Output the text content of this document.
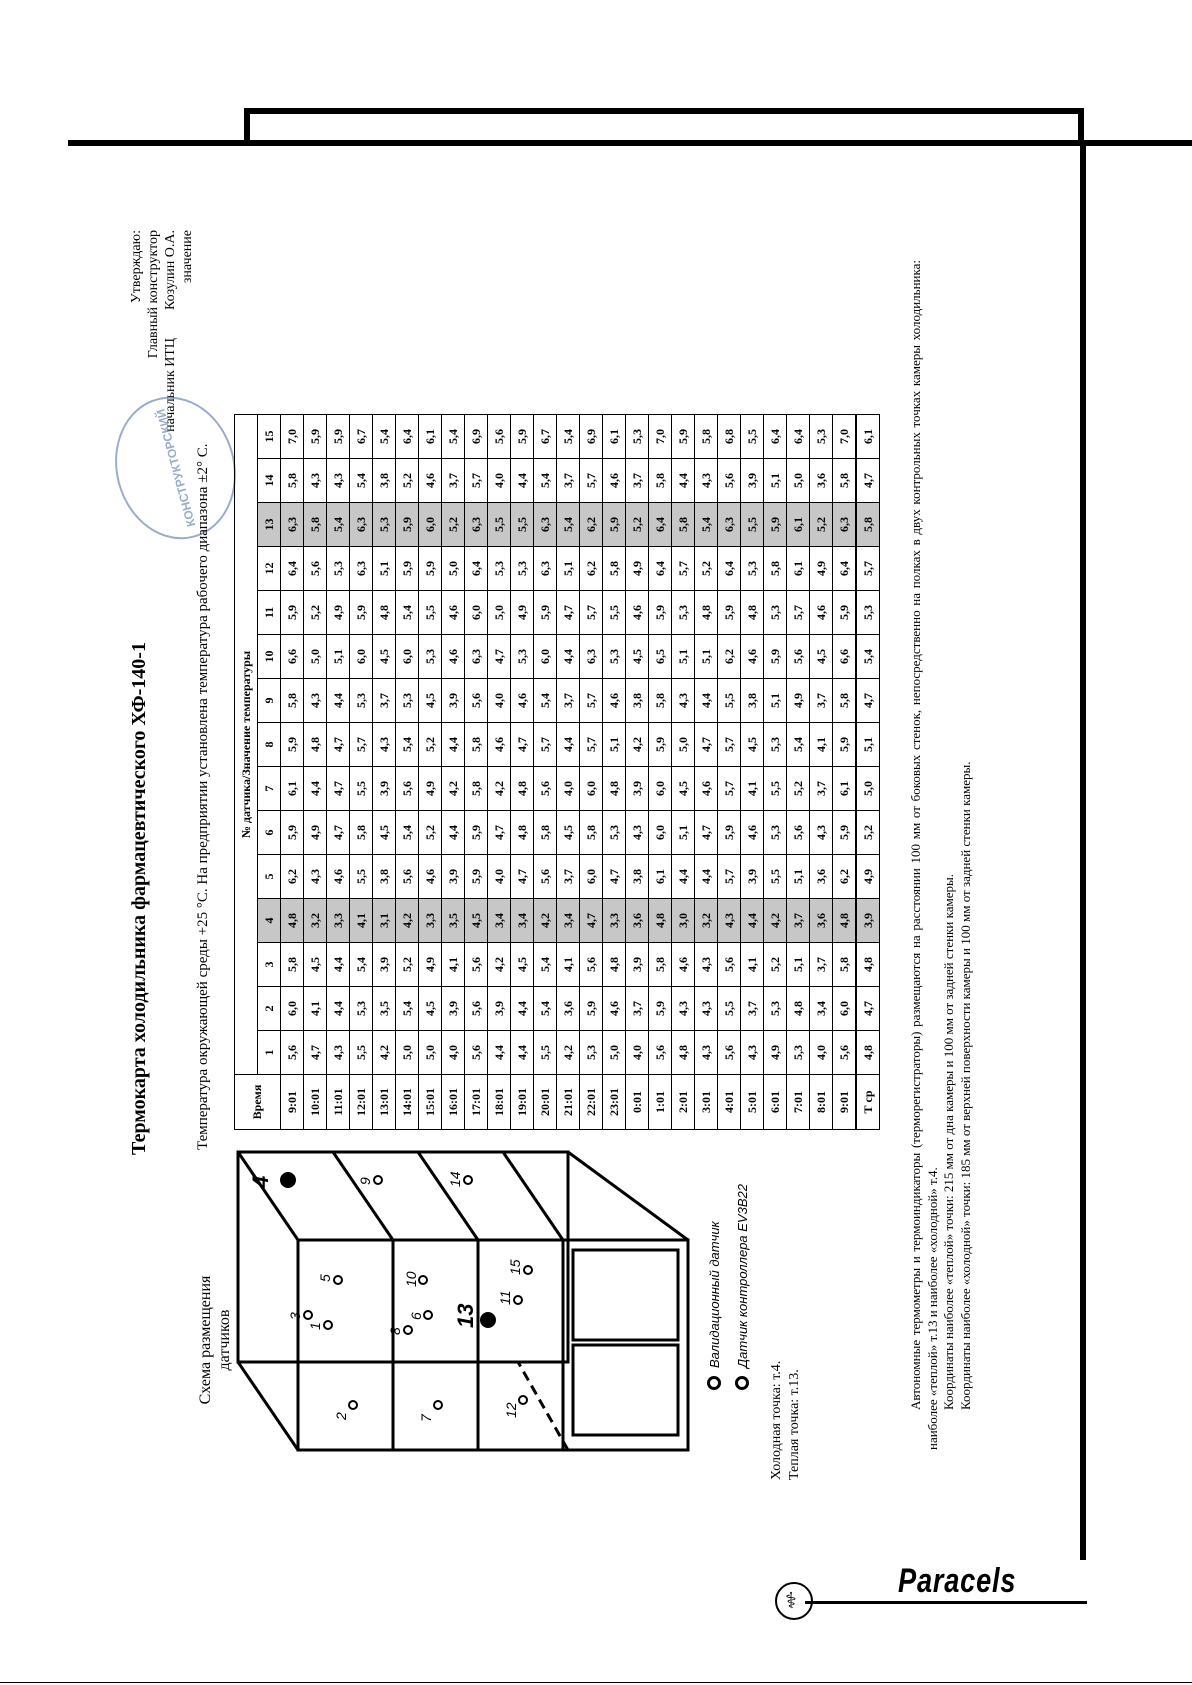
Термокарта холодильника фармацевтического ХФ-140-1
Утверждаю: Главный конструктор
начальник ИТЦ        Козулин О.А. значение
КОНСТРУКТОРСКИЙ
Температура окружающей среды +25 °С. На предприятии установлена температура рабочего диапазона ±2° С.
Схема размещения датчиков
2
1
3
5
4
7
8
6
10
9
12
13
11
15
14
Валидационный датчик Датчик контроллера EV3B22
Холодная точка: т.4. Теплая точка: т.13.
Время	№ датчика/Значение температуры														
	1	2	3	4	5	6	7	8	9	10	11	12	13	14	15
9:01	5,6	6,0	5,8	4,8	6,2	5,9	6,1	5,9	5,8	6,6	5,9	6,4	6,3	5,8	7,0
10:01	4,7	4,1	4,5	3,2	4,3	4,9	4,4	4,8	4,3	5,0	5,2	5,6	5,8	4,3	5,9
11:01	4,3	4,4	4,4	3,3	4,6	4,7	4,7	4,7	4,4	5,1	4,9	5,3	5,4	4,3	5,9
12:01	5,5	5,3	5,4	4,1	5,5	5,8	5,5	5,7	5,3	6,0	5,9	6,3	6,3	5,4	6,7
13:01	4,2	3,5	3,9	3,1	3,8	4,5	3,9	4,3	3,7	4,5	4,8	5,1	5,3	3,8	5,4
14:01	5,0	5,4	5,2	4,2	5,6	5,4	5,6	5,4	5,3	6,0	5,4	5,9	5,9	5,2	6,4
15:01	5,0	4,5	4,9	3,3	4,6	5,2	4,9	5,2	4,5	5,3	5,5	5,9	6,0	4,6	6,1
16:01	4,0	3,9	4,1	3,5	3,9	4,4	4,2	4,4	3,9	4,6	4,6	5,0	5,2	3,7	5,4
17:01	5,6	5,6	5,6	4,5	5,9	5,9	5,8	5,8	5,6	6,3	6,0	6,4	6,3	5,7	6,9
18:01	4,4	3,9	4,2	3,4	4,0	4,7	4,2	4,6	4,0	4,7	5,0	5,3	5,5	4,0	5,6
19:01	4,4	4,4	4,5	3,4	4,7	4,8	4,8	4,7	4,6	5,3	4,9	5,3	5,5	4,4	5,9
20:01	5,5	5,4	5,4	4,2	5,6	5,8	5,6	5,7	5,4	6,0	5,9	6,3	6,3	5,4	6,7
21:01	4,2	3,6	4,1	3,4	3,7	4,5	4,0	4,4	3,7	4,4	4,7	5,1	5,4	3,7	5,4
22:01	5,3	5,9	5,6	4,7	6,0	5,8	6,0	5,7	5,7	6,3	5,7	6,2	6,2	5,7	6,9
23:01	5,0	4,6	4,8	3,3	4,7	5,3	4,8	5,1	4,6	5,3	5,5	5,8	5,9	4,6	6,1
0:01	4,0	3,7	3,9	3,6	3,8	4,3	3,9	4,2	3,8	4,5	4,6	4,9	5,2	3,7	5,3
1:01	5,6	5,9	5,8	4,8	6,1	6,0	6,0	5,9	5,8	6,5	5,9	6,4	6,4	5,8	7,0
2:01	4,8	4,3	4,6	3,0	4,4	5,1	4,5	5,0	4,3	5,1	5,3	5,7	5,8	4,4	5,9
3:01	4,3	4,3	4,3	3,2	4,4	4,7	4,6	4,7	4,4	5,1	4,8	5,2	5,4	4,3	5,8
4:01	5,6	5,5	5,6	4,3	5,7	5,9	5,7	5,7	5,5	6,2	5,9	6,4	6,3	5,6	6,8
5:01	4,3	3,7	4,1	4,4	3,9	4,6	4,1	4,5	3,8	4,6	4,8	5,3	5,5	3,9	5,5
6:01	4,9	5,3	5,2	4,2	5,5	5,3	5,5	5,3	5,1	5,9	5,3	5,8	5,9	5,1	6,4
7:01	5,3	4,8	5,1	3,7	5,1	5,6	5,2	5,4	4,9	5,6	5,7	6,1	6,1	5,0	6,4
8:01	4,0	3,4	3,7	3,6	3,6	4,3	3,7	4,1	3,7	4,5	4,6	4,9	5,2	3,6	5,3
9:01	5,6	6,0	5,8	4,8	6,2	5,9	6,1	5,9	5,8	6,6	5,9	6,4	6,3	5,8	7,0
Т ср	4,8	4,7	4,8	3,9	4,9	5,2	5,0	5,1	4,7	5,4	5,3	5,7	5,8	4,7	6,1	Автономные термометры и термоиндикаторы (терморегистраторы) размещаются на расстоянии 100 мм от боковых стенок, непосредственно на полках в двух контрольных точках камеры холодильника: наиболее «теплой» т.13 и наиболее «холодной» т.4. Координаты наиболее «теплой» точки: 215 мм от дна камеры и 100 мм от задней стенки камеры. Координаты наиболее «холодной» точки: 185 мм от верхней поверхности камеры и 100 мм от задней стенки камеры.

⚕
Paracels
